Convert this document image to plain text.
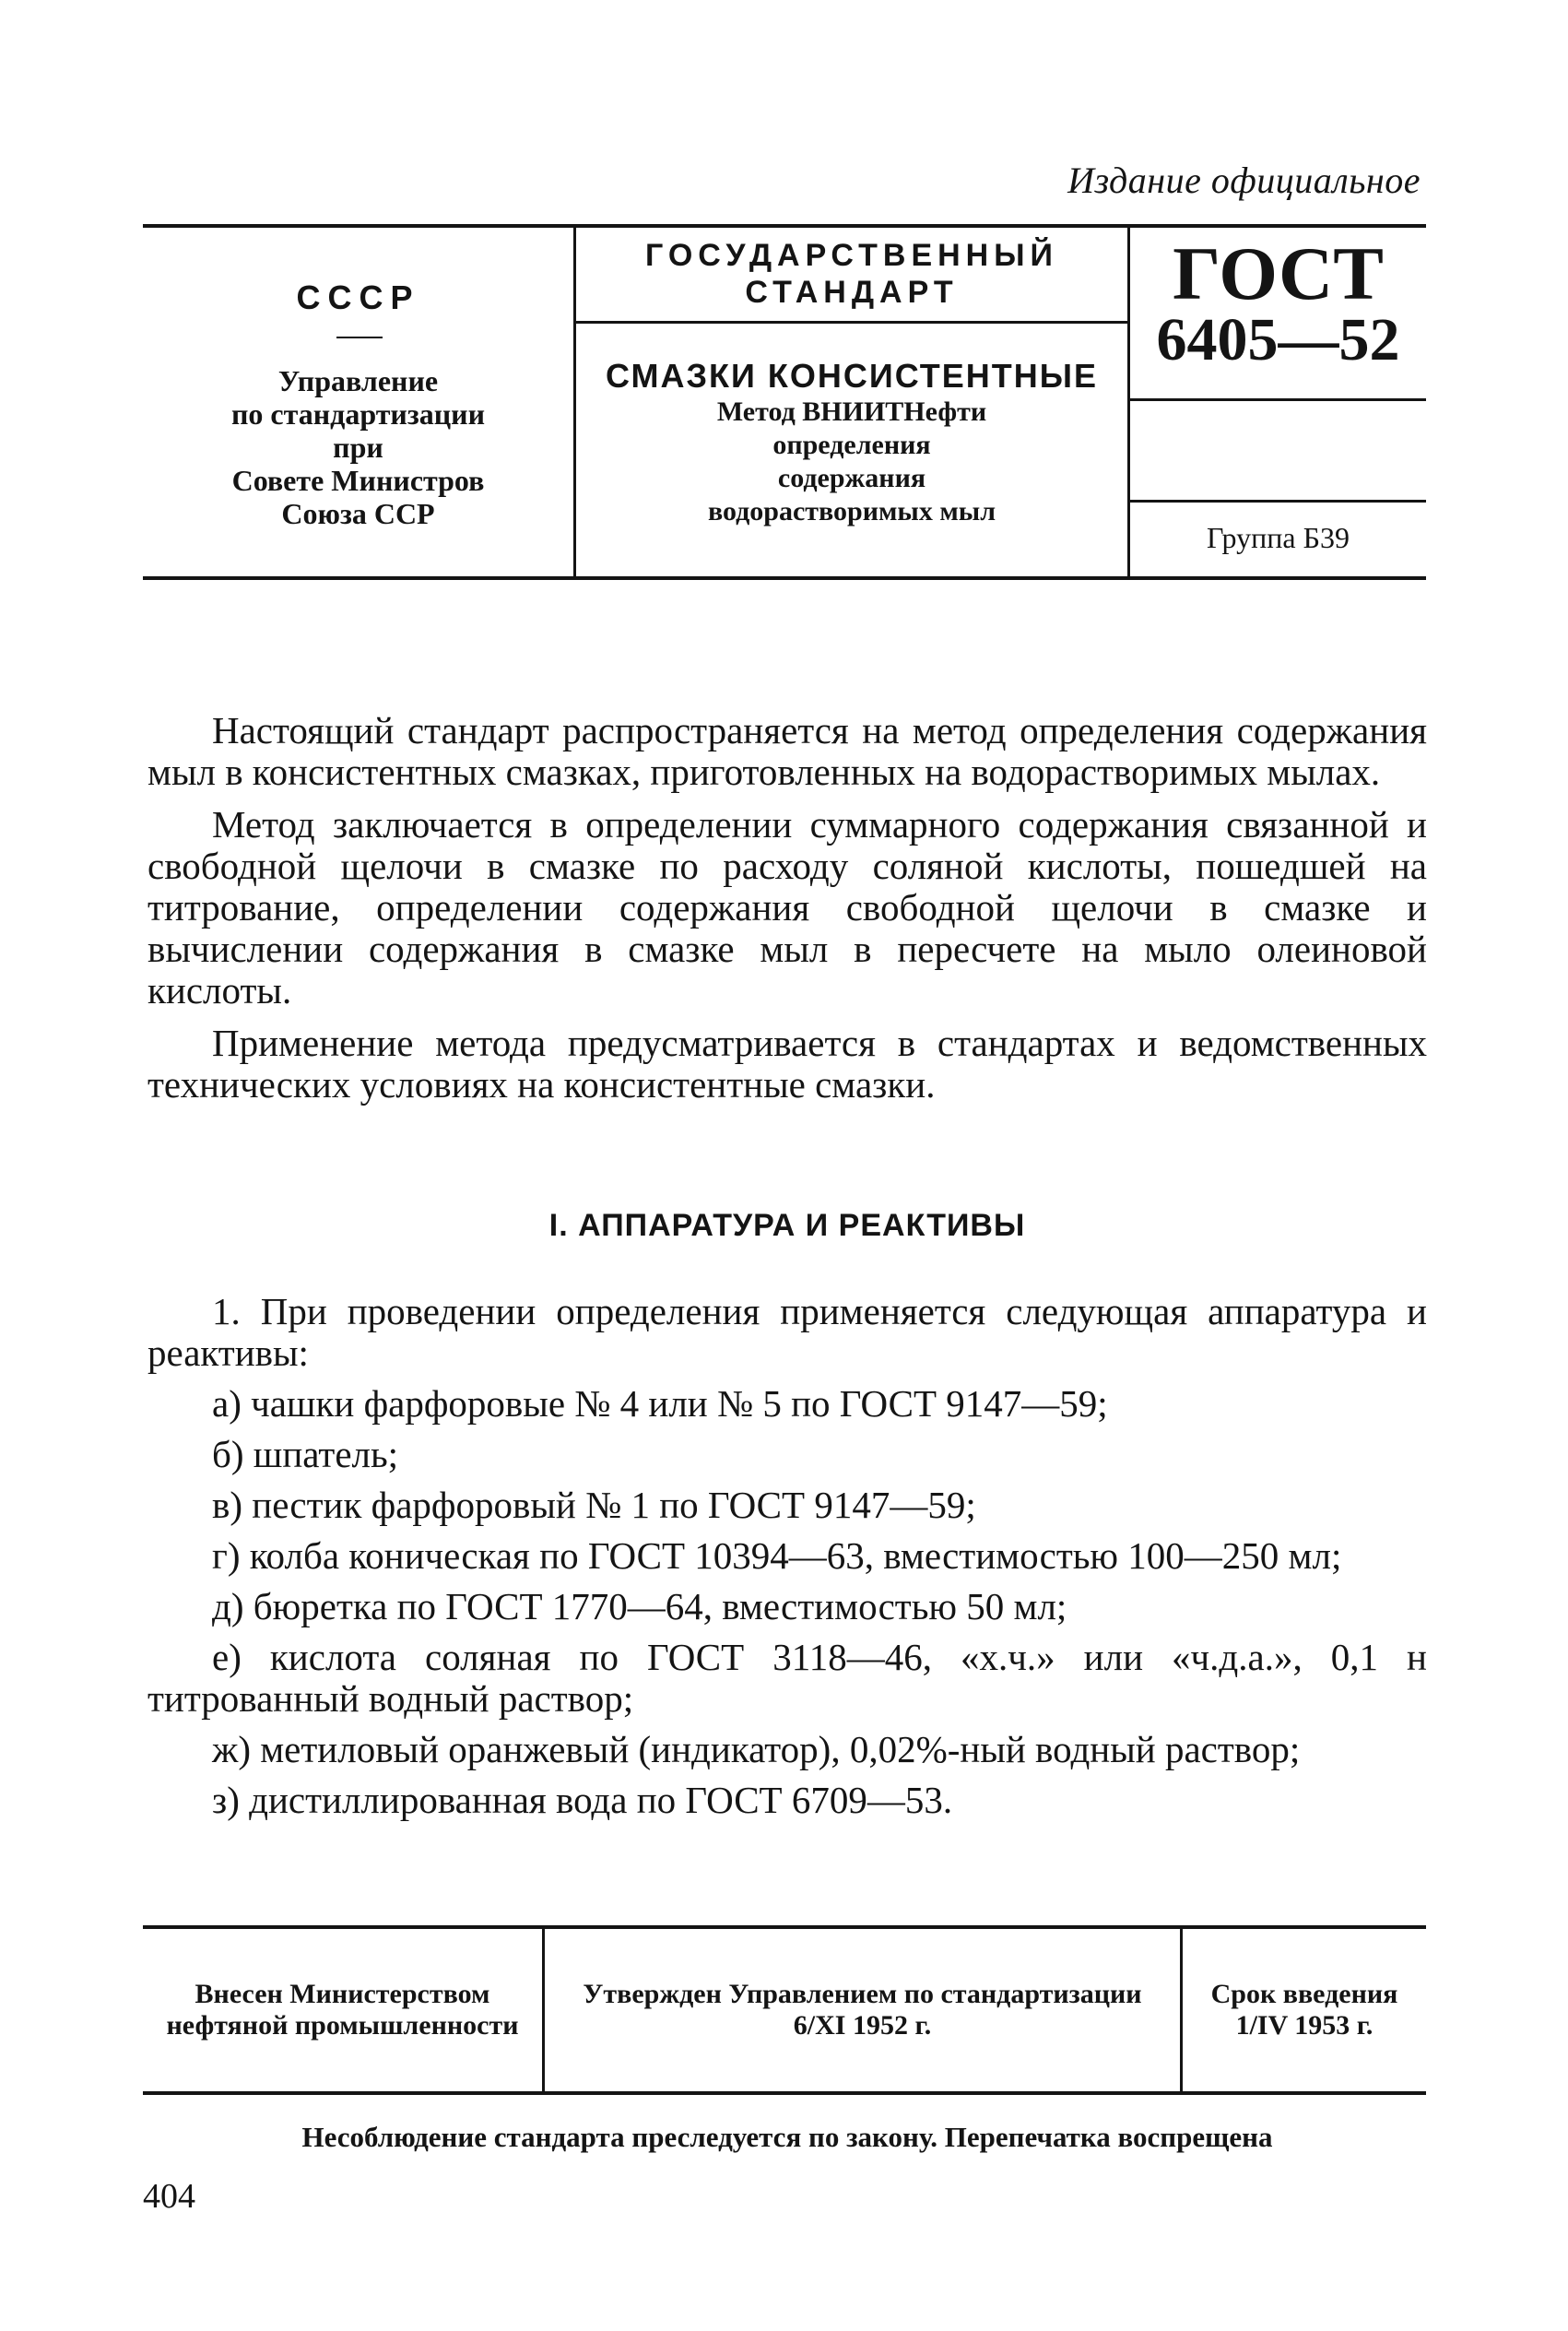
Издание официальное
СССР
Управление
по стандартизации
при
Совете Министров
Союза ССР
ГОСУДАРСТВЕННЫЙ
СТАНДАРТ
СМАЗКИ КОНСИСТЕНТНЫЕ
Метод ВНИИТНефти
определения
содержания
водорастворимых мыл
ГОСТ
6405—52
Группа Б39

Настоящий стандарт распространяется на метод определения содержания мыл в консистентных смазках, приготовленных на водорастворимых мылах.

Метод заключается в определении суммарного содержания связанной и свободной щелочи в смазке по расходу соляной кислоты, пошедшей на титрование, определении содержания свободной щелочи в смазке и вычислении содержания в смазке мыл в пересчете на мыло олеиновой кислоты.

Применение метода предусматривается в стандартах и ведомственных технических условиях на консистентные смазки.

I. АППАРАТУРА И РЕАКТИВЫ

1. При проведении определения применяется следующая аппаратура и реактивы:

а) чашки фарфоровые № 4 или № 5 по ГОСТ 9147—59;

б) шпатель;

в) пестик фарфоровый № 1 по ГОСТ 9147—59;

г) колба коническая по ГОСТ 10394—63, вместимостью 100—250 мл;

д) бюретка по ГОСТ 1770—64, вместимостью 50 мл;

е) кислота соляная по ГОСТ 3118—46, «х.ч.» или «ч.д.а.», 0,1 н титрованный водный раствор;

ж) метиловый оранжевый (индикатор), 0,02%-ный водный раствор;

з) дистиллированная вода по ГОСТ 6709—53.

Внесен Министерством нефтяной промышленности
Утвержден Управлением по стандартизации 6/XI 1952 г.
Срок введения 1/IV 1953 г.
Несоблюдение стандарта преследуется по закону. Перепечатка воспрещена
404
